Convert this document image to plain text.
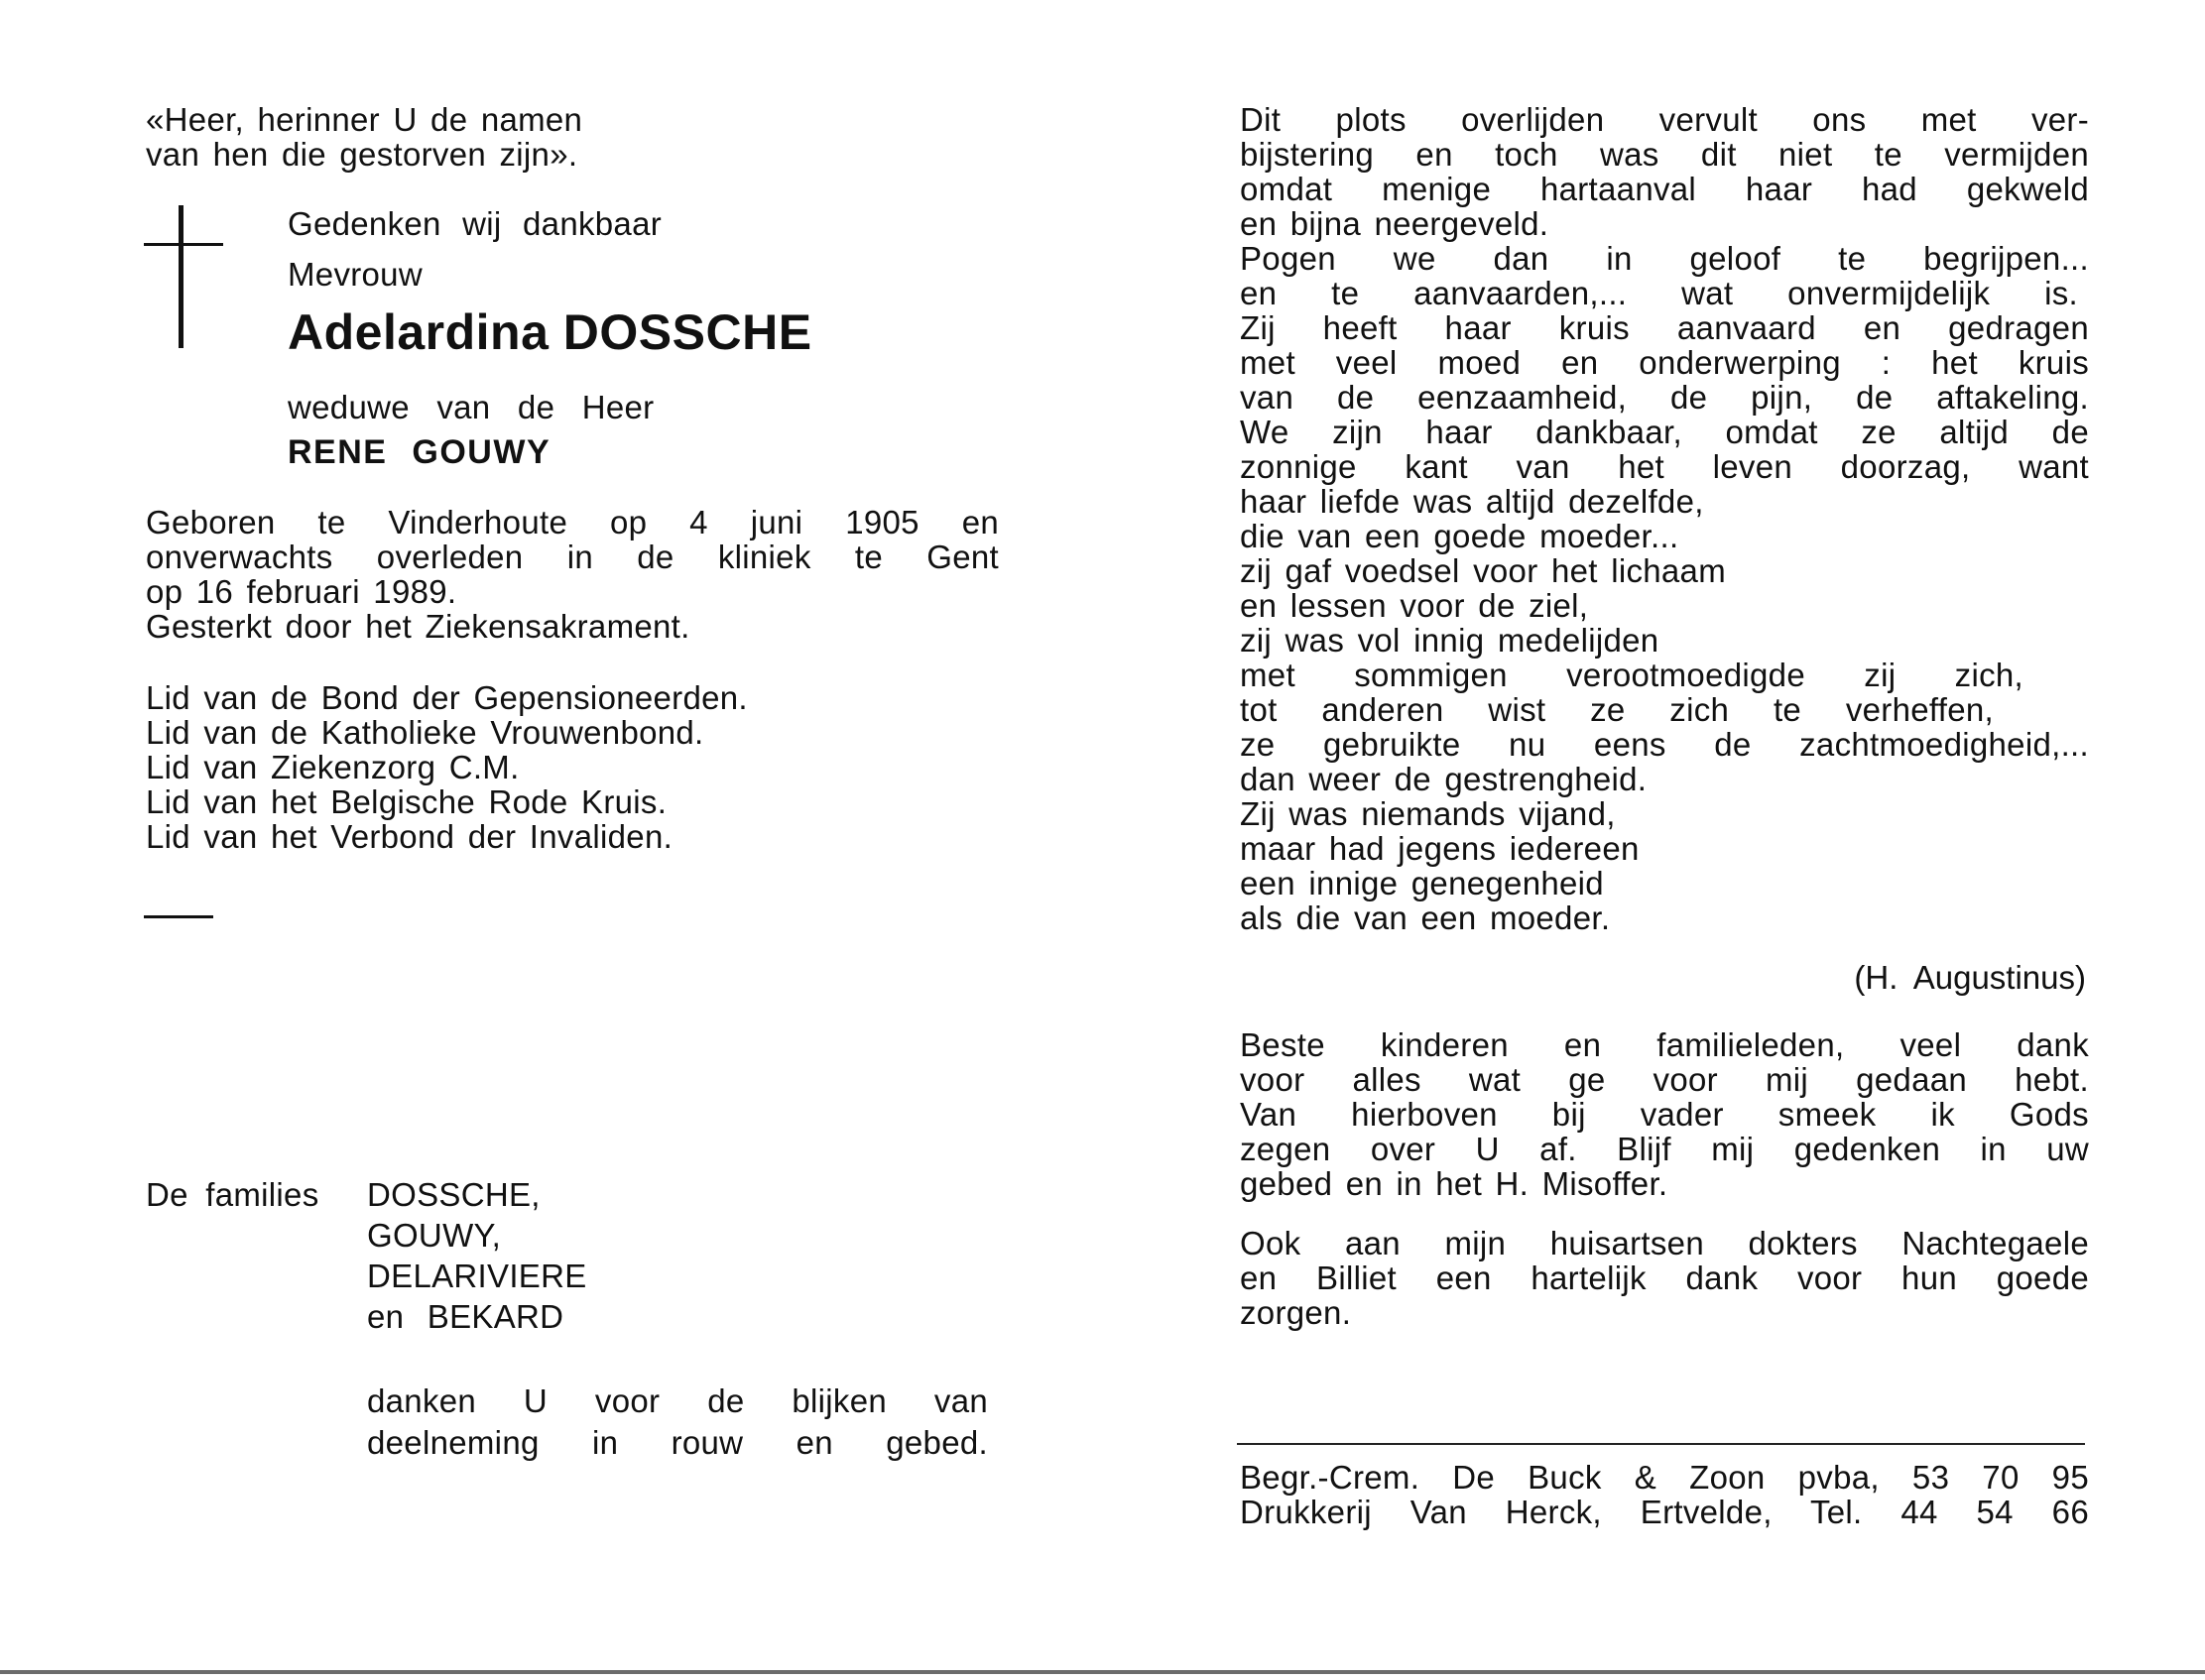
«Heer, herinner U de namen
van hen die gestorven zijn».
Gedenken wij dankbaar
Mevrouw
Adelardina DOSSCHE
weduwe van de Heer
RENE GOUWY
Geboren te Vinderhoute op 4 juni 1905 en
onverwachts overleden in de kliniek te Gent
op 16 februari 1989.
Gesterkt door het Ziekensakrament.
Lid van de Bond der Gepensioneerden.
Lid van de Katholieke Vrouwenbond.
Lid van Ziekenzorg C.M.
Lid van het Belgische Rode Kruis.
Lid van het Verbond der Invaliden.
De families DOSSCHE,
GOUWY,
DELARIVIERE
en BEKARD
danken U voor de blijken van
deelneming in rouw en gebed.
Dit plots overlijden vervult ons met ver-
bijstering en toch was dit niet te vermijden
omdat menige hartaanval haar had gekweld
en bijna neergeveld.
Pogen we dan in geloof te begrijpen...
en te aanvaarden,... wat onvermijdelijk is.
Zij heeft haar kruis aanvaard en gedragen
met veel moed en onderwerping : het kruis
van de eenzaamheid, de pijn, de aftakeling.
We zijn haar dankbaar, omdat ze altijd de
zonnige kant van het leven doorzag, want
haar liefde was altijd dezelfde,
die van een goede moeder...
zij gaf voedsel voor het lichaam
en lessen voor de ziel,
zij was vol innig medelijden
met sommigen verootmoedigde zij zich,
tot anderen wist ze zich te verheffen,
ze gebruikte nu eens de zachtmoedigheid,...
dan weer de gestrengheid.
Zij was niemands vijand,
maar had jegens iedereen
een innige genegenheid
als die van een moeder.
(H. Augustinus)
Beste kinderen en familieleden, veel dank
voor alles wat ge voor mij gedaan hebt.
Van hierboven bij vader smeek ik Gods
zegen over U af. Blijf mij gedenken in uw
gebed en in het H. Misoffer.
Ook aan mijn huisartsen dokters Nachtegaele
en Billiet een hartelijk dank voor hun goede
zorgen.
Begr.-Crem. De Buck & Zoon pvba, 53 70 95
Drukkerij Van Herck, Ertvelde, Tel. 44 54 66
